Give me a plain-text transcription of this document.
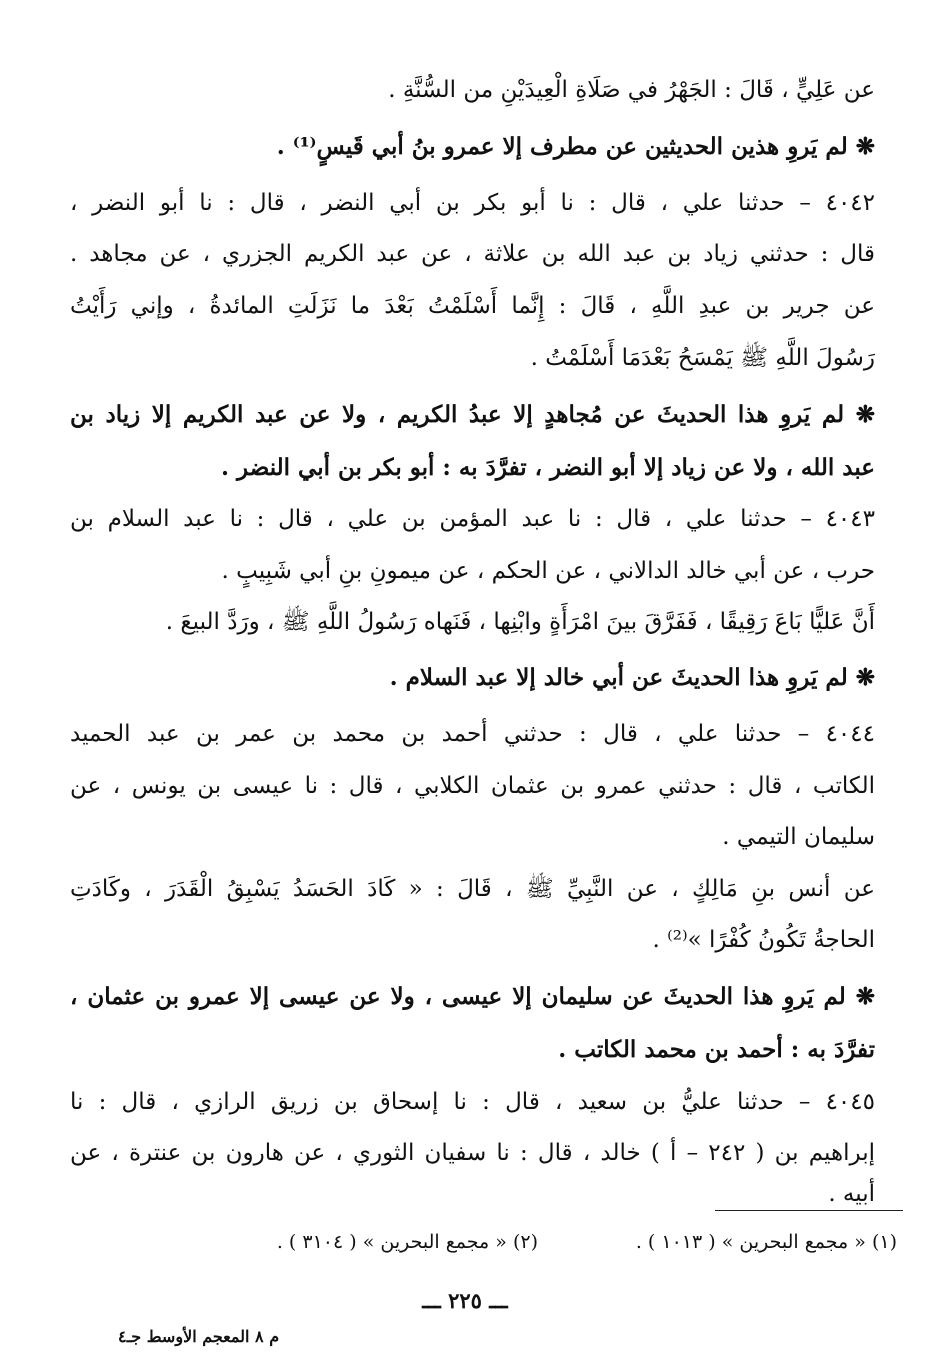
عن عَلِيٍّ ، قَالَ : الجَهْرُ في صَلَاةِ الْعِيدَيْنِ من السُّنَّةِ .
❋ لم يَروِ هذين الحديثين عن مطرف إلا عمرو بنُ أبي قَيسٍ⁽¹⁾ .
٤٠٤٢ – حدثنا علي ، قال : نا أبو بكر بن أبي النضر ، قال : نا أبو النضر ،
قال : حدثني زياد بن عبد الله بن علاثة ، عن عبد الكريم الجزري ، عن مجاهد .
عن جرير بن عبدِ اللَّهِ ، قَالَ : إِنَّما أَسْلَمْتُ بَعْدَ ما نَزَلَتِ المائدةُ ، وإني رَأَيْتُ
رَسُولَ اللَّهِ ﷺ يَمْسَحُ بَعْدَمَا أَسْلَمْتُ .
❋ لم يَروِ هذا الحديثَ عن مُجاهدٍ إلا عبدُ الكريم ، ولا عن عبد الكريم إلا زياد بن
عبد الله ، ولا عن زياد إلا أبو النضر ، تفرَّدَ به : أبو بكر بن أبي النضر .
٤٠٤٣ – حدثنا علي ، قال : نا عبد المؤمن بن علي ، قال : نا عبد السلام بن
حرب ، عن أبي خالد الدالاني ، عن الحكم ، عن ميمونِ بنِ أبي شَبِيبٍ .
أَنَّ عَليًّا بَاعَ رَقِيقًا ، فَفَرَّقَ بينَ امْرَأَةٍ وابْنِها ، فَنَهاه رَسُولُ اللَّهِ ﷺ ، ورَدَّ البيعَ .
❋ لم يَروِ هذا الحديثَ عن أبي خالد إلا عبد السلام .
٤٠٤٤ – حدثنا علي ، قال : حدثني أحمد بن محمد بن عمر بن عبد الحميد
الكاتب ، قال : حدثني عمرو بن عثمان الكلابي ، قال : نا عيسى بن يونس ، عن
سليمان التيمي .
عن أنس بنِ مَالِكٍ ، عن النَّبِيِّ ﷺ ، قَالَ : « كَادَ الحَسَدُ يَسْبِقُ الْقَدَرَ ، وكَادَتِ
الحاجةُ تَكُونُ كُفْرًا »⁽²⁾ .
❋ لم يَروِ هذا الحديثَ عن سليمان إلا عيسى ، ولا عن عيسى إلا عمرو بن عثمان ،
تفرَّدَ به : أحمد بن محمد الكاتب .
٤٠٤٥ – حدثنا عليُّ بن سعيد ، قال : نا إسحاق بن زريق الرازي ، قال : نا
إبراهيم بن ( ٢٤٢ – أ ) خالد ، قال : نا سفيان الثوري ، عن هارون بن عنترة ، عن
أبيه .
(١) « مجمع البحرين » ( ١٠١٣ ) .
(٢) « مجمع البحرين » ( ٣١٠٤ ) .
ـــ ٢٢٥ ـــ
م ٨ المعجم الأوسط جـ٤
